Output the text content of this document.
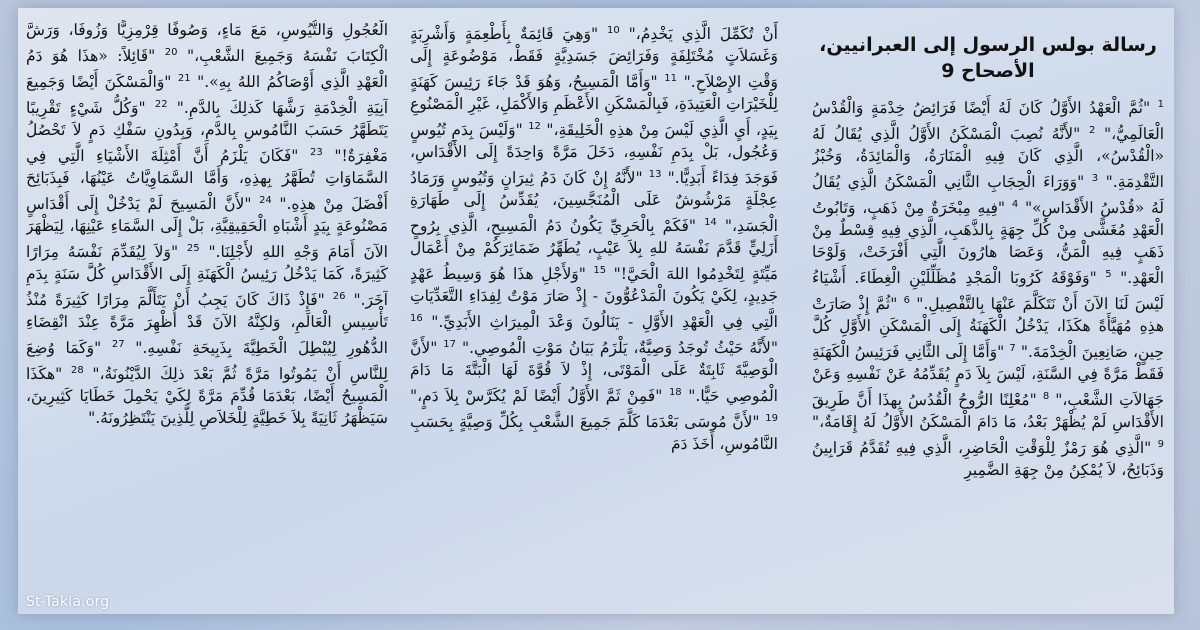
رسالة بولس الرسول إلى العبرانيين،
الأصحاح 9
$^1$ "ثُمَّ الْعَهْدُ الأَوَّلُ كَانَ لَهُ أَيْضًا فَرَائِضُ خِدْمَةٍ وَالْقُدْسُ الْعَالَمِيُّ،" $^2$ "لأَنَّهُ نُصِبَ الْمَسْكَنُ الأَوَّلُ الَّذِي يُقَالُ لَهُ «الْقُدْسُ»، الَّذِي كَانَ فِيهِ الْمَنَارَةُ، وَالْمَائِدَةُ، وَخُبْزُ التَّقْدِمَةِ." $^3$ "وَوَرَاءَ الْحِجَابِ الثَّانِي الْمَسْكَنُ الَّذِي يُقَالُ لَهُ «قُدْسُ الأَقْدَاسِ»" $^4$ "فِيهِ مِبْخَرَةٌ مِنْ ذَهَبٍ، وَتَابُوتُ الْعَهْدِ مُغَشًّى مِنْ كُلِّ جِهَةٍ بِالذَّهَبِ، الَّذِي فِيهِ قِسْطٌ مِنْ ذَهَبٍ فِيهِ الْمَنُّ، وَعَصَا هارُونَ الَّتِي أَفْرَخَتْ، وَلَوْحَا الْعَهْدِ." $^5$ "وَفَوْقَهُ كَرُوبَا الْمَجْدِ مُظَلِّلَيْنِ الْغِطَاءَ. أَشْيَاءُ لَيْسَ لَنَا الآنَ أَنْ نَتَكَلَّمَ عَنْهَا بِالتَّفْصِيلِ." $^6$ "ثُمَّ إِذْ صَارَتْ هذِهِ مُهَيَّأَةً هكَذَا، يَدْخُلُ الْكَهَنَةُ إِلَى الْمَسْكَنِ الأَوَّلِ كُلَّ حِينٍ، صَانِعِينَ الْخِدْمَةَ." $^7$ "وَأَمَّا إِلَى الثَّانِي فَرَئِيسُ الْكَهَنَةِ فَقَطْ مَرَّةً فِي السَّنَةِ، لَيْسَ بِلاَ دَمٍ يُقَدِّمُهُ عَنْ نَفْسِهِ وَعَنْ جَهَالاَتِ الشَّعْبِ،" $^8$ "مُعْلِنًا الرُّوحُ الْقُدُسُ بِهذَا أَنَّ طَرِيقَ الأَقْدَاسِ لَمْ يُظْهَرْ بَعْدُ، مَا دَامَ الْمَسْكَنُ الأَوَّلُ لَهُ إِقَامَةٌ،" $^9$ "الَّذِي هُوَ رَمْزٌ لِلْوَقْتِ الْحَاضِرِ، الَّذِي فِيهِ تُقَدَّمُ قَرَابِينُ وَذَبَائِحُ، لاَ يُمْكِنُ مِنْ جِهَةِ الضَّمِيرِ
أَنْ تُكَمِّلَ الَّذِي يَخْدِمُ،" $^{10}$ "وَهِيَ قَائِمَةٌ بِأَطْعِمَةٍ وَأَشْرِبَةٍ وَغَسَلاَتٍ مُخْتَلِفَةٍ وَفَرَائِضَ جَسَدِيَّةٍ فَقَطْ، مَوْضُوعَةٍ إِلَى وَقْتِ الإِصْلاَحِ." $^{11}$ "وَأَمَّا الْمَسِيحُ، وَهُوَ قَدْ جَاءَ رَئِيسَ كَهَنَةٍ لِلْخَيْرَاتِ الْعَتِيدَةِ، فَبِالْمَسْكَنِ الأَعْظَمِ وَالأَكْمَلِ، غَيْرِ الْمَصْنُوعِ بِيَدٍ، أَيِ الَّذِي لَيْسَ مِنْ هذِهِ الْخَلِيقَةِ،" $^{12}$ "وَلَيْسَ بِدَمِ تُيُوسٍ وَعُجُول، بَلْ بِدَمِ نَفْسِهِ، دَخَلَ مَرَّةً وَاحِدَةً إِلَى الأَقْدَاسِ، فَوَجَدَ فِدَاءً أَبَدِيًّا." $^{13}$ "لأَنَّهُ إِنْ كَانَ دَمُ ثِيرَانٍ وَتُيُوسٍ وَرَمَادُ عِجْلَةٍ مَرْشُوشٌ عَلَى الْمُنَجَّسِينَ، يُقَدِّسُ إِلَى طَهَارَةِ الْجَسَدِ،" $^{14}$ "فَكَمْ بِالْحَرِيِّ يَكُونُ دَمُ الْمَسِيحِ، الَّذِي بِرُوحٍ أَزَلِيٍّ قَدَّمَ نَفْسَهُ للهِ بِلاَ عَيْبٍ، يُطَهِّرُ ضَمَائِرَكُمْ مِنْ أَعْمَال مَيِّتَةٍ لِتَخْدِمُوا اللهَ الْحَيَّ!" $^{15}$ "وَلأَجْلِ هذَا هُوَ وَسِيطُ عَهْدٍ جَدِيدٍ، لِكَيْ يَكُونَ الْمَدْعُوُّونَ - إِذْ صَارَ مَوْتٌ لِفِدَاءِ التَّعَدِّيَاتِ الَّتِي فِي الْعَهْدِ الأَوَّلِ - يَنَالُونَ وَعْدَ الْمِيرَاثِ الأَبَدِيِّ." $^{16}$ "لأَنَّهُ حَيْثُ تُوجَدُ وَصِيَّةٌ، يَلْزَمُ بَيَانُ مَوْتِ الْمُوصِي." $^{17}$ "لأَنَّ الْوَصِيَّةَ ثَابِتَةٌ عَلَى الْمَوْتَى، إِذْ لاَ قُوَّةَ لَهَا الْبَتَّةَ مَا دَامَ الْمُوصِي حَيًّا." $^{18}$ "فَمِنْ ثَمَّ الأَوَّلُ أَيْضًا لَمْ يُكَرَّسْ بِلاَ دَمٍ،" $^{19}$ "لأَنَّ مُوسَى بَعْدَمَا كَلَّمَ جَمِيعَ الشَّعْبِ بِكُلِّ وَصِيَّةٍ بِحَسَبِ النَّامُوسِ، أَخَذَ دَمَ
الْعُجُولِ وَالتُّيُوسِ، مَعَ مَاءٍ، وَصُوفًا قِرْمِزِيًّا وَزُوفَا، وَرَشَّ الْكِتَابَ نَفْسَهُ وَجَمِيعَ الشَّعْبِ،" $^{20}$ "قَائِلاً: «هذَا هُوَ دَمُ الْعَهْدِ الَّذِي أَوْصَاكُمُ اللهُ بِهِ»." $^{21}$ "وَالْمَسْكَنَ أَيْضًا وَجَمِيعَ آنِيَةِ الْخِدْمَةِ رَشَّهَا كَذلِكَ بِالدَّمِ." $^{22}$ "وَكُلُّ شَيْءٍ تَقْرِيبًا يَتَطَهَّرُ حَسَبَ النَّامُوسِ بِالدَّمِ، وَبِدُونِ سَفْكِ دَمٍ لاَ تَحْصُلُ مَغْفِرَةٌ!" $^{23}$ "فَكَانَ يَلْزَمُ أَنَّ أَمْثِلَةَ الأَشْيَاءِ الَّتِي فِي السَّمَاوَاتِ تُطَهَّرُ بِهذِهِ، وَأَمَّا السَّمَاوِيَّاتُ عَيْنُهَا، فَبِذَبَائِحَ أَفْضَلَ مِنْ هذِهِ." $^{24}$ "لأَنَّ الْمَسِيحَ لَمْ يَدْخُلْ إِلَى أَقْدَاسٍ مَصْنُوعَةٍ بِيَدٍ أَشْبَاهِ الْحَقِيقِيَّةِ، بَلْ إِلَى السَّمَاءِ عَيْنِهَا، لِيَظْهَرَ الآنَ أَمَامَ وَجْهِ اللهِ لأَجْلِنَا." $^{25}$ "وَلاَ لِيُقَدِّمَ نَفْسَهُ مِرَارًا كَثِيرَةً، كَمَا يَدْخُلُ رَئِيسُ الْكَهَنَةِ إِلَى الأَقْدَاسِ كُلَّ سَنَةٍ بِدَمِ آخَرَ." $^{26}$ "فَإِذْ ذَاكَ كَانَ يَجِبُ أَنْ يَتَأَلَّمَ مِرَارًا كَثِيرَةً مُنْذُ تَأْسِيسِ الْعَالَمِ، وَلكِنَّهُ الآنَ قَدْ أُظْهِرَ مَرَّةً عِنْدَ انْقِضَاءِ الدُّهُورِ لِيُبْطِلَ الْخَطِيَّةَ بِذَبِيحَةِ نَفْسِهِ." $^{27}$ "وَكَمَا وُضِعَ لِلنَّاسِ أَنْ يَمُوتُوا مَرَّةً ثُمَّ بَعْدَ ذلِكَ الدَّيْنُونَةُ،" $^{28}$ "هكَذَا الْمَسِيحُ أَيْضًا، بَعْدَمَا قُدِّمَ مَرَّةً لِكَيْ يَحْمِلَ خَطَايَا كَثِيرِينَ، سَيَظْهَرُ ثَانِيَةً بِلاَ خَطِيَّةٍ لِلْخَلاَصِ لِلَّذِينَ يَنْتَظِرُونَهُ."
St-Takla.org
